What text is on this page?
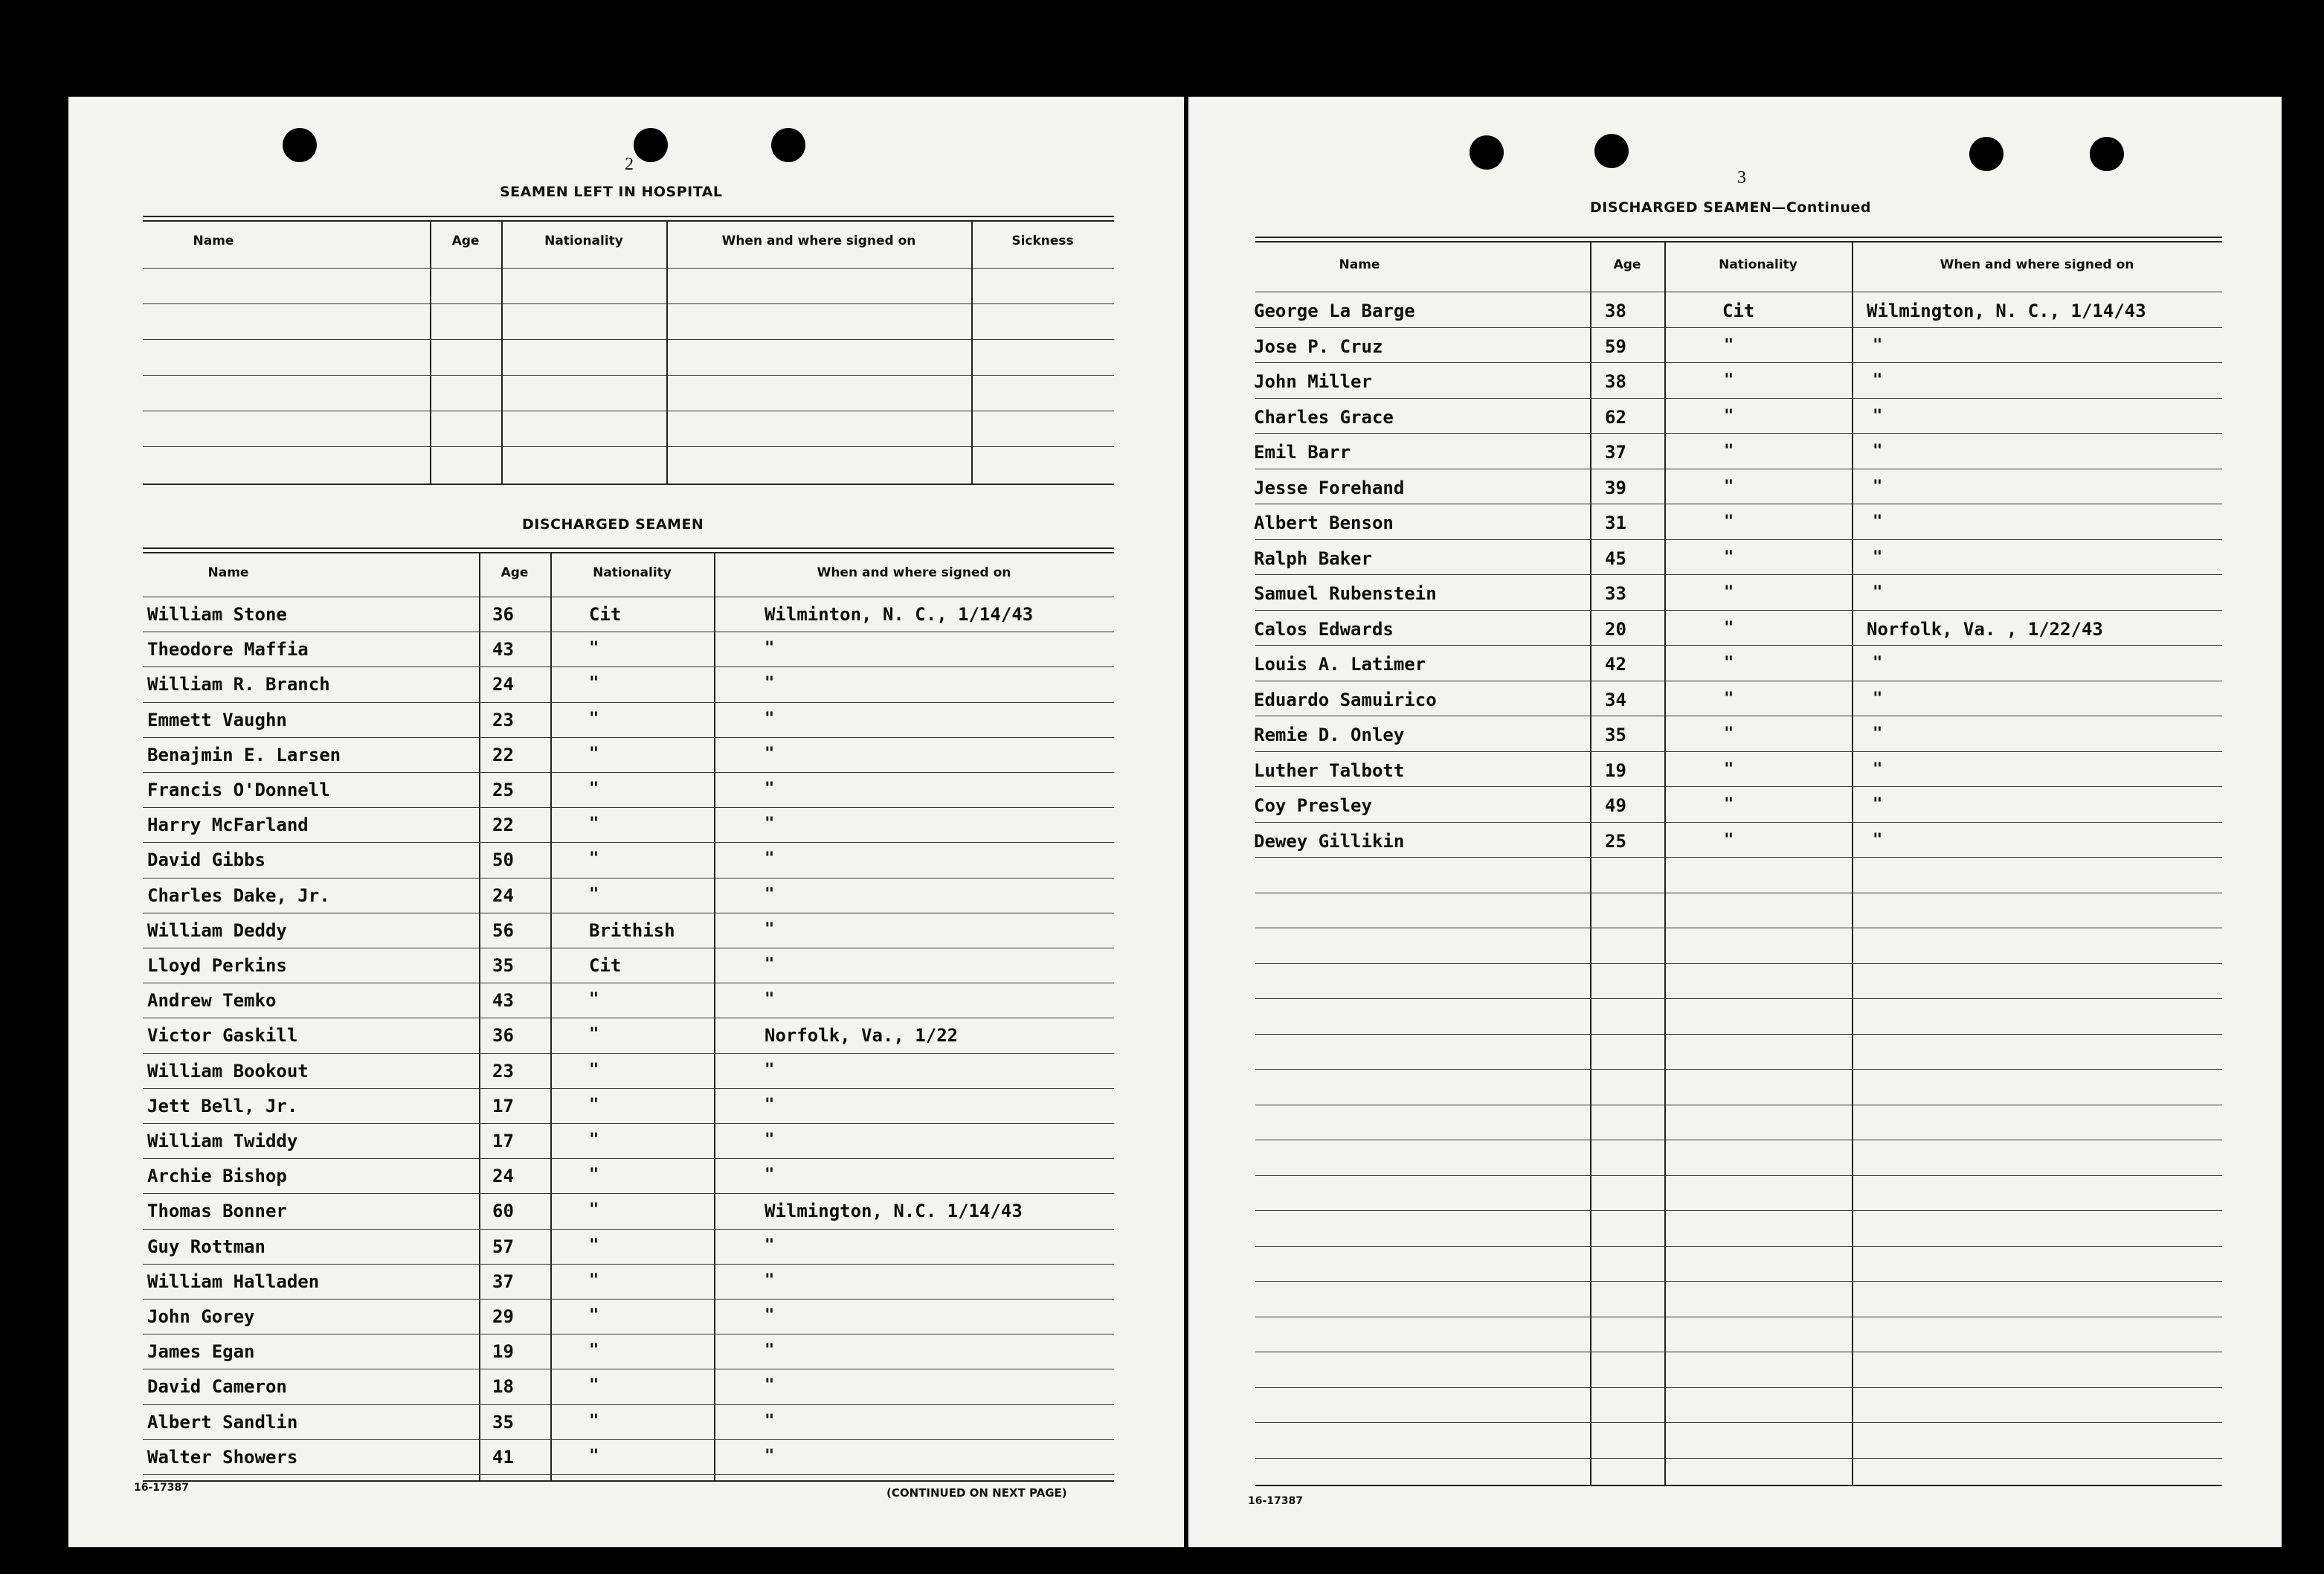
2
SEAMEN LEFT IN HOSPITAL
Name	Age	Nationality	When and where signed on	Sickness
DISCHARGED SEAMEN
Name	Age	Nationality	When and where signed on
William Stone	36	Cit	Wilminton, N. C., 1/14/43
Theodore Maffia	43	"	"
William R. Branch	24	"	"
Emmett Vaughn	23	"	"
Benajmin E. Larsen	22	"	"
Francis O'Donnell	25	"	"
Harry McFarland	22	"	"
David Gibbs	50	"	"
Charles Dake, Jr.	24	"	"
William Deddy	56	Brithish	"
Lloyd Perkins	35	Cit	"
Andrew Temko	43	"	"
Victor Gaskill	36	"	Norfolk, Va., 1/22
William Bookout	23	"	"
Jett Bell, Jr.	17	"	"
William Twiddy	17	"	"
Archie Bishop	24	"	"
Thomas Bonner	60	"	Wilmington, N.C. 1/14/43
Guy Rottman	57	"	"
William Halladen	37	"	"
John Gorey	29	"	"
James Egan	19	"	"
David Cameron	18	"	"
Albert Sandlin	35	"	"
Walter Showers	41	"	"
16-17387	(CONTINUED ON NEXT PAGE)
3
DISCHARGED SEAMEN—Continued
Name	Age	Nationality	When and where signed on
George La Barge	38	Cit	Wilmington, N. C., 1/14/43
Jose P. Cruz	59	"	"
John Miller	38	"	"
Charles Grace	62	"	"
Emil Barr	37	"	"
Jesse Forehand	39	"	"
Albert Benson	31	"	"
Ralph Baker	45	"	"
Samuel Rubenstein	33	"	"
Calos Edwards	20	"	Norfolk, Va. , 1/22/43
Louis A. Latimer	42	"	"
Eduardo Samuirico	34	"	"
Remie D. Onley	35	"	"
Luther Talbott	19	"	"
Coy Presley	49	"	"
Dewey Gillikin	25	"	"
16-17387
